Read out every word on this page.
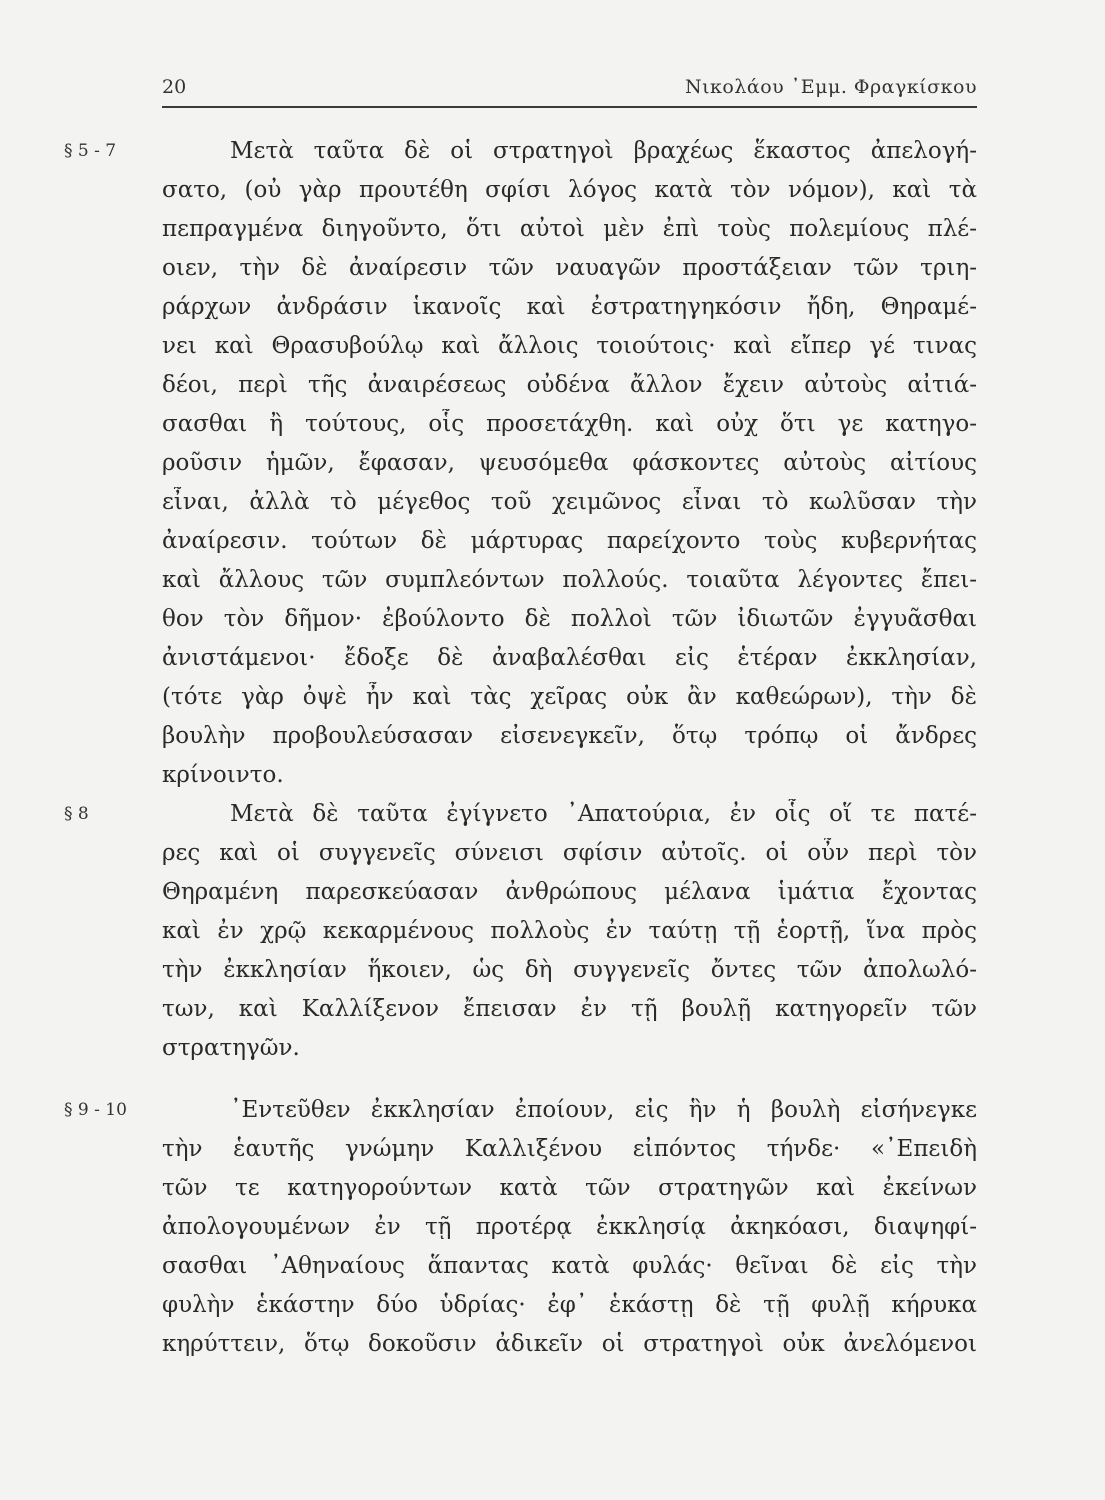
20	Νικολάου ᾿Εμμ. Φραγκίσκου
§ 5 - 7	Μετὰ ταῦτα δὲ οἱ στρατηγοὶ βραχέως ἕκαστος ἀπελογή-
σατο, (οὐ γὰρ προυτέθη σφίσι λόγος κατὰ τὸν νόμον), καὶ τὰ
πεπραγμένα διηγοῦντο, ὅτι αὐτοὶ μὲν ἐπὶ τοὺς πολεμίους πλέ-
οιεν, τὴν δὲ ἀναίρεσιν τῶν ναυαγῶν προστάξειαν τῶν τριη-
ράρχων ἀνδράσιν ἱκανοῖς καὶ ἐστρατηγηκόσιν ἤδη, Θηραμέ-
νει καὶ Θρασυβούλῳ καὶ ἄλλοις τοιούτοις· καὶ εἴπερ γέ τινας
δέοι, περὶ τῆς ἀναιρέσεως οὐδένα ἄλλον ἔχειν αὐτοὺς αἰτιά-
σασθαι ἢ τούτους, οἷς προσετάχθη. καὶ οὐχ ὅτι γε κατηγο-
ροῦσιν ἡμῶν, ἔφασαν, ψευσόμεθα φάσκοντες αὐτοὺς αἰτίους
εἶναι, ἀλλὰ τὸ μέγεθος τοῦ χειμῶνος εἶναι τὸ κωλῦσαν τὴν
ἀναίρεσιν. τούτων δὲ μάρτυρας παρείχοντο τοὺς κυβερνήτας
καὶ ἄλλους τῶν συμπλεόντων πολλούς. τοιαῦτα λέγοντες ἔπει-
θον τὸν δῆμον· ἐβούλοντο δὲ πολλοὶ τῶν ἰδιωτῶν ἐγγυᾶσθαι
ἀνιστάμενοι· ἔδοξε δὲ ἀναβαλέσθαι εἰς ἑτέραν ἐκκλησίαν,
(τότε γὰρ ὀψὲ ἦν καὶ τὰς χεῖρας οὐκ ἂν καθεώρων), τὴν δὲ
βουλὴν προβουλεύσασαν εἰσενεγκεῖν, ὅτῳ τρόπῳ οἱ ἄνδρες
κρίνοιντο.
§ 8	Μετὰ δὲ ταῦτα ἐγίγνετο ᾿Απατούρια, ἐν οἷς οἵ τε πατέ-
ρες καὶ οἱ συγγενεῖς σύνεισι σφίσιν αὐτοῖς. οἱ οὖν περὶ τὸν
Θηραμένη παρεσκεύασαν ἀνθρώπους μέλανα ἱμάτια ἔχοντας
καὶ ἐν χρῷ κεκαρμένους πολλοὺς ἐν ταύτῃ τῇ ἑορτῇ, ἵνα πρὸς
τὴν ἐκκλησίαν ἥκοιεν, ὡς δὴ συγγενεῖς ὄντες τῶν ἀπολωλό-
των, καὶ Καλλίξενον ἔπεισαν ἐν τῇ βουλῇ κατηγορεῖν τῶν
στρατηγῶν.
§ 9 - 10	᾿Εντεῦθεν ἐκκλησίαν ἐποίουν, εἰς ἣν ἡ βουλὴ εἰσήνεγκε
τὴν ἑαυτῆς γνώμην Καλλιξένου εἰπόντος τήνδε· «᾿Επειδὴ
τῶν τε κατηγορούντων κατὰ τῶν στρατηγῶν καὶ ἐκείνων
ἀπολογουμένων ἐν τῇ προτέρᾳ ἐκκλησίᾳ ἀκηκόασι, διαψηφί-
σασθαι ᾿Αθηναίους ἅπαντας κατὰ φυλάς· θεῖναι δὲ εἰς τὴν
φυλὴν ἑκάστην δύο ὑδρίας· ἐφ᾿ ἑκάστῃ δὲ τῇ φυλῇ κήρυκα
κηρύττειν, ὅτῳ δοκοῦσιν ἀδικεῖν οἱ στρατηγοὶ οὐκ ἀνελόμενοι
